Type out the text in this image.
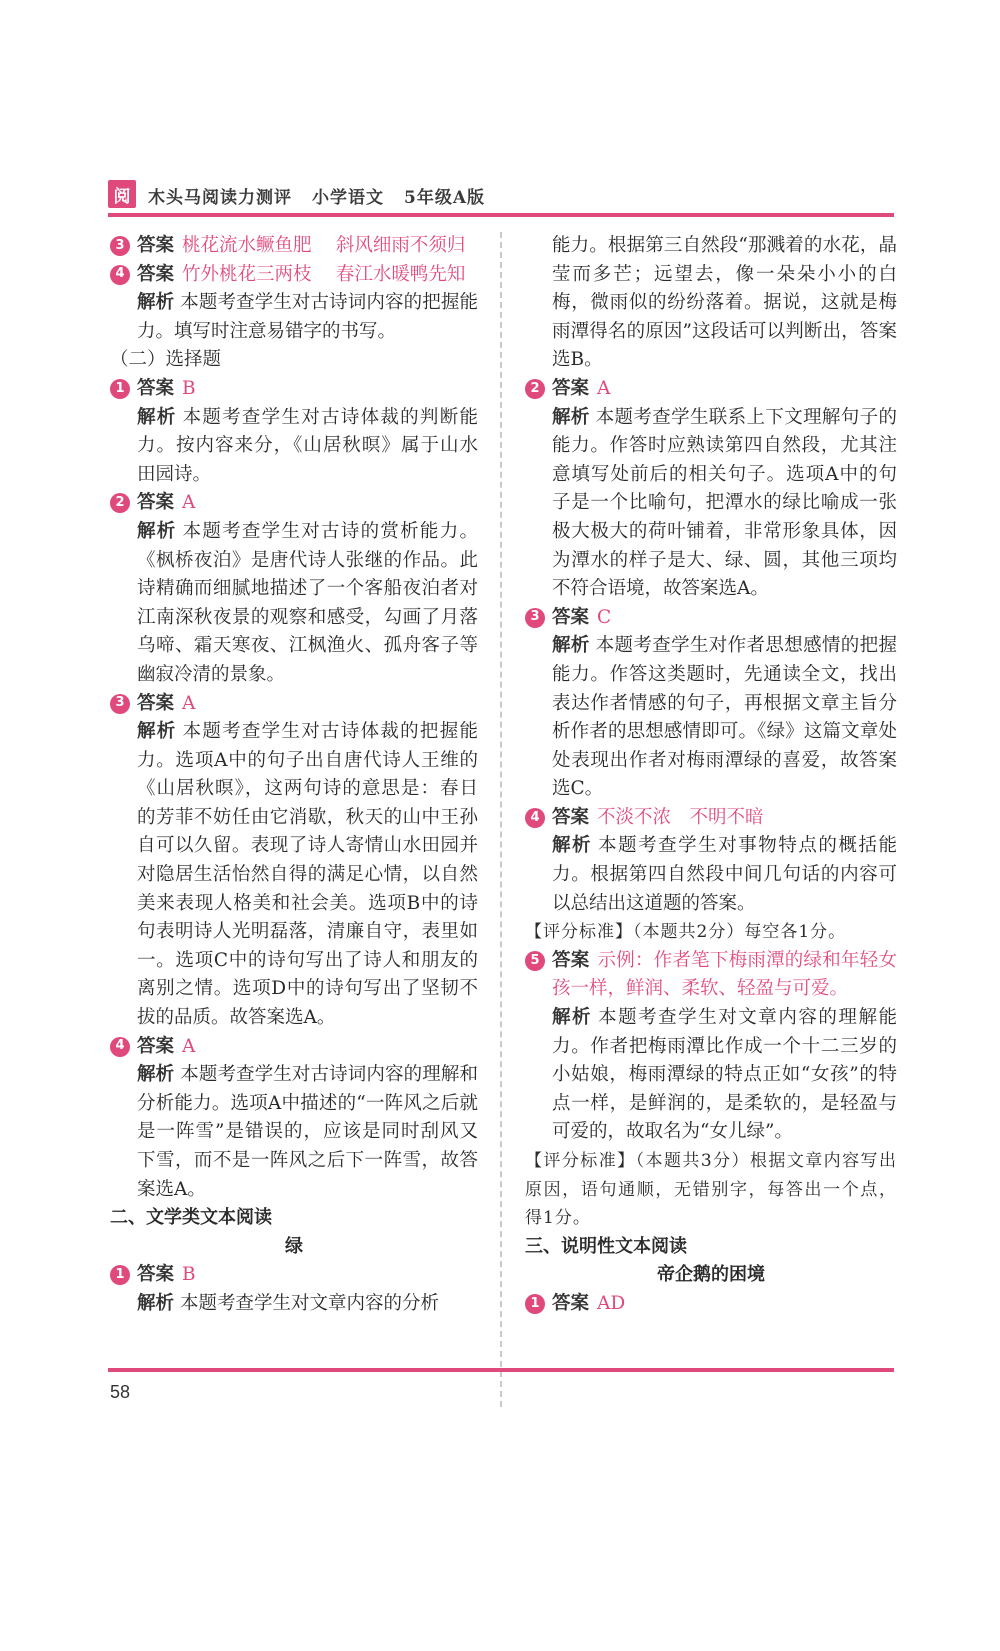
阅	木头马阅读力测评 小学语文 5年级A版
3 答案 桃花流水鳜鱼肥　 斜风细雨不须归
4 答案 竹外桃花三两枝　 春江水暖鸭先知
解析 本题考查学生对古诗词内容的把握能力。填写时注意易错字的书写。
（二）选择题
1 答案 B
解析 本题考查学生对古诗体裁的判断能力。按内容来分，《山居秋暝》属于山水田园诗。
2 答案 A
解析 本题考查学生对古诗的赏析能力。《枫桥夜泊》是唐代诗人张继的作品。此诗精确而细腻地描述了一个客船夜泊者对江南深秋夜景的观察和感受，勾画了月落乌啼、霜天寒夜、江枫渔火、孤舟客子等幽寂冷清的景象。
3 答案 A
解析 本题考查学生对古诗体裁的把握能力。选项A中的句子出自唐代诗人王维的《山居秋暝》，这两句诗的意思是：春日的芳菲不妨任由它消歇，秋天的山中王孙自可以久留。表现了诗人寄情山水田园并对隐居生活怡然自得的满足心情，以自然美来表现人格美和社会美。选项B中的诗句表明诗人光明磊落，清廉自守，表里如一。选项C中的诗句写出了诗人和朋友的离别之情。选项D中的诗句写出了坚韧不拔的品质。故答案选A。
4 答案 A
解析 本题考查学生对古诗词内容的理解和分析能力。选项A中描述的“一阵风之后就是一阵雪”是错误的，应该是同时刮风又下雪，而不是一阵风之后下一阵雪，故答案选A。
二、文学类文本阅读
绿
1 答案 B
解析 本题考查学生对文章内容的分析
能力。根据第三自然段“那溅着的水花，晶莹而多芒；远望去，像一朵朵小小的白梅，微雨似的纷纷落着。据说，这就是梅雨潭得名的原因”这段话可以判断出，答案选B。
2 答案 A
解析 本题考查学生联系上下文理解句子的能力。作答时应熟读第四自然段，尤其注意填写处前后的相关句子。选项A中的句子是一个比喻句，把潭水的绿比喻成一张极大极大的荷叶铺着，非常形象具体，因为潭水的样子是大、绿、圆，其他三项均不符合语境，故答案选A。
3 答案 C
解析 本题考查学生对作者思想感情的把握能力。作答这类题时，先通读全文，找出表达作者情感的句子，再根据文章主旨分析作者的思想感情即可。《绿》这篇文章处处表现出作者对梅雨潭绿的喜爱，故答案选C。
4 答案 不淡不浓　 不明不暗
解析 本题考查学生对事物特点的概括能力。根据第四自然段中间几句话的内容可以总结出这道题的答案。
【评分标准】（本题共2分）每空各1分。
5 答案 示例：作者笔下梅雨潭的绿和年轻女孩一样，鲜润、柔软、轻盈与可爱。
解析 本题考查学生对文章内容的理解能力。作者把梅雨潭比作成一个十二三岁的小姑娘，梅雨潭绿的特点正如“女孩”的特点一样，是鲜润的，是柔软的，是轻盈与可爱的，故取名为“女儿绿”。
【评分标准】（本题共3分）根据文章内容写出原因，语句通顺，无错别字，每答出一个点，得1分。
三、说明性文本阅读
帝企鹅的困境
1 答案 AD
58
